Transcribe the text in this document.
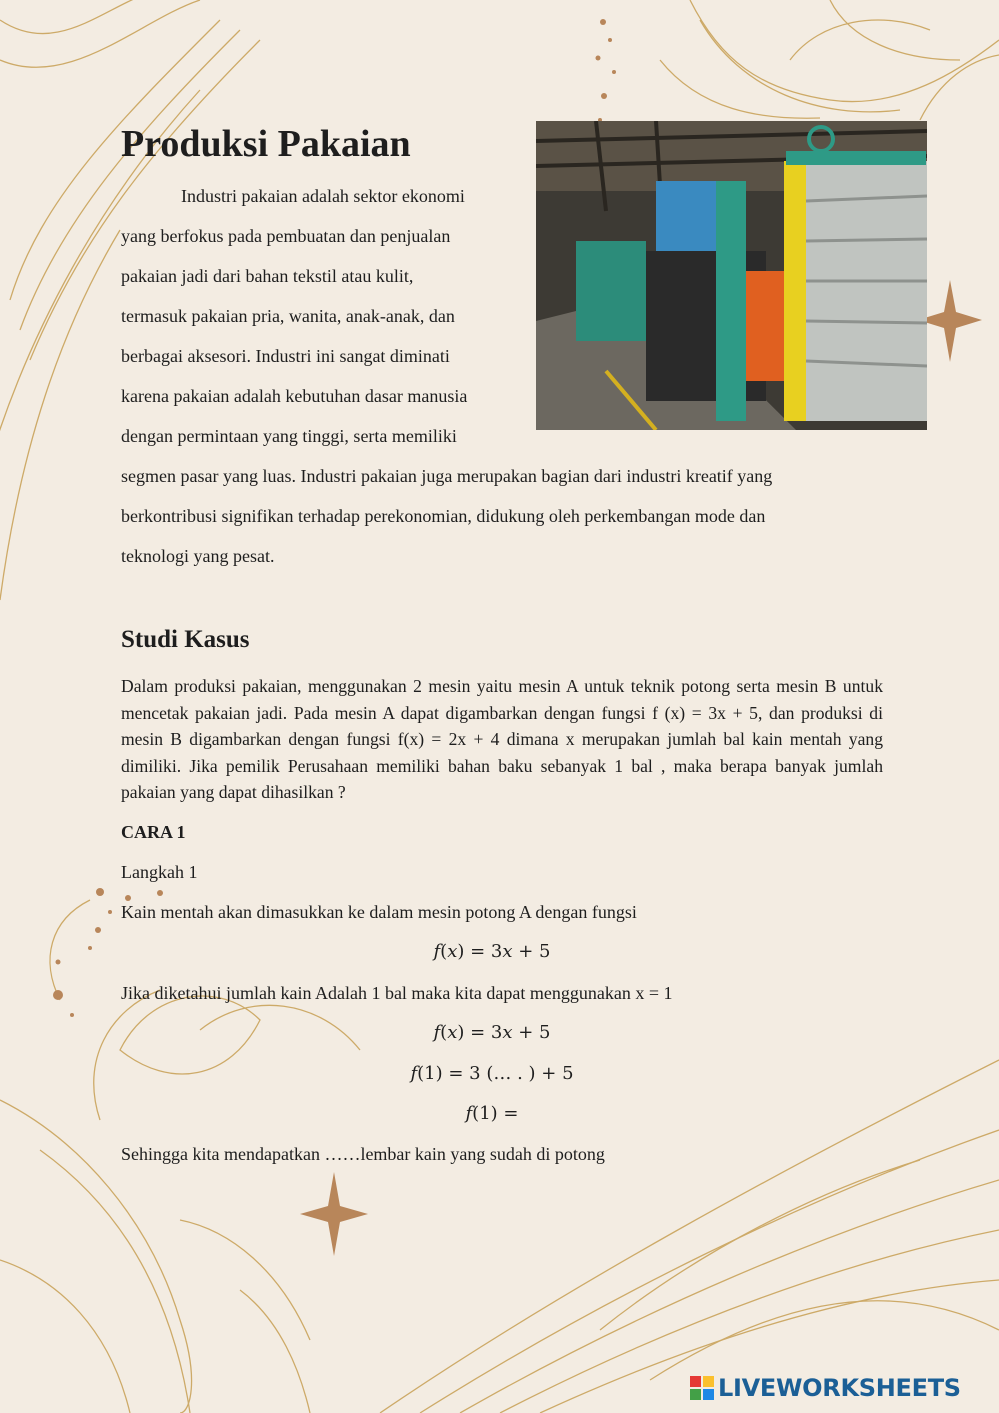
Produksi Pakaian
Industri pakaian adalah sektor ekonomi
yang berfokus pada pembuatan dan penjualan
pakaian jadi dari bahan tekstil atau kulit,
termasuk pakaian pria, wanita, anak-anak, dan
berbagai aksesori. Industri ini sangat diminati
karena pakaian adalah kebutuhan dasar manusia
dengan permintaan yang tinggi, serta memiliki
segmen pasar yang luas. Industri pakaian juga merupakan bagian dari industri kreatif yang
berkontribusi signifikan terhadap perekonomian, didukung oleh perkembangan mode dan
teknologi yang pesat.
Studi Kasus
Dalam produksi pakaian, menggunakan 2 mesin yaitu mesin A untuk teknik potong serta mesin B untuk mencetak pakaian jadi. Pada mesin A dapat digambarkan dengan fungsi f (x) = 3x + 5, dan produksi di mesin B digambarkan dengan fungsi f(x) = 2x + 4 dimana x merupakan jumlah bal kain mentah yang dimiliki. Jika pemilik Perusahaan memiliki bahan baku sebanyak 1 bal , maka berapa banyak jumlah pakaian yang dapat dihasilkan ?
CARA 1
Langkah 1
Kain mentah akan dimasukkan ke dalam mesin potong A dengan fungsi
𝑓(𝑥) = 3𝑥 + 5
Jika diketahui jumlah kain Adalah 1 bal maka kita dapat menggunakan x = 1
𝑓(𝑥) = 3𝑥 + 5
𝑓(1) = 3 (… . ) + 5
𝑓(1) =
Sehingga kita mendapatkan ……lembar kain yang sudah di potong
LIVEWORKSHEETS
